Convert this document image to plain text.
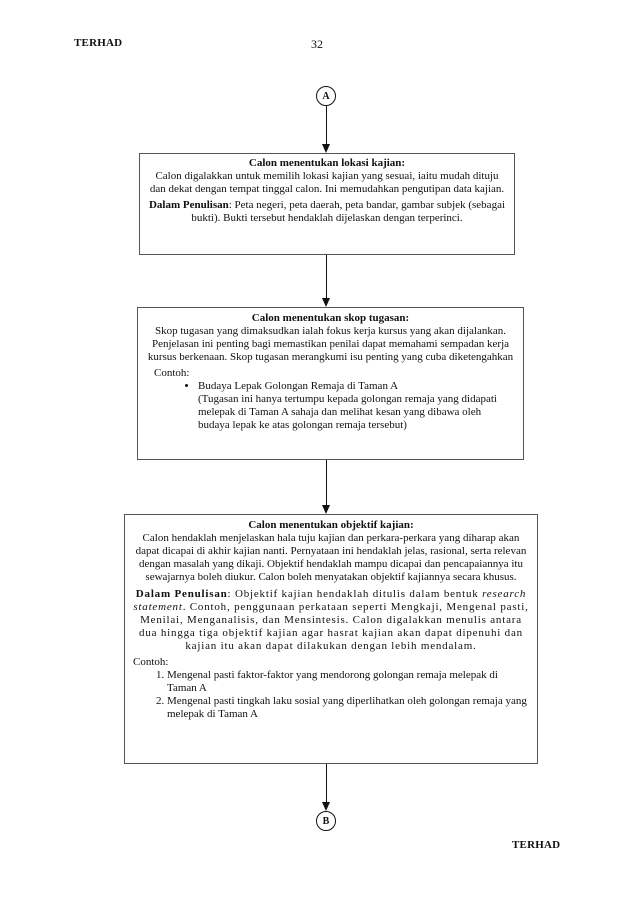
TERHAD	32
A
Calon menentukan lokasi kajian:
Calon digalakkan untuk memilih lokasi kajian yang sesuai, iaitu mudah dituju dan dekat dengan tempat tinggal calon. Ini memudahkan pengutipan data kajian.
Dalam Penulisan: Peta negeri, peta daerah, peta bandar, gambar subjek (sebagai bukti). Bukti tersebut hendaklah dijelaskan dengan terperinci.
Calon menentukan skop tugasan:
Skop tugasan yang dimaksudkan ialah fokus kerja kursus yang akan dijalankan. Penjelasan ini penting bagi memastikan penilai dapat memahami sempadan kerja kursus berkenaan. Skop tugasan merangkumi isu penting yang cuba diketengahkan
Contoh:
• Budaya Lepak Golongan Remaja di Taman A
(Tugasan ini hanya tertumpu kepada golongan remaja yang didapati melepak di Taman A sahaja dan melihat kesan yang dibawa oleh budaya lepak ke atas golongan remaja tersebut)
Calon menentukan objektif kajian:
Calon hendaklah menjelaskan hala tuju kajian dan perkara-perkara yang diharap akan dapat dicapai di akhir kajian nanti. Pernyataan ini hendaklah jelas, rasional, serta relevan dengan masalah yang dikaji. Objektif hendaklah mampu dicapai dan pencapaiannya itu sewajarnya boleh diukur. Calon boleh menyatakan objektif kajiannya secara khusus.
Dalam Penulisan: Objektif kajian hendaklah ditulis dalam bentuk research statement. Contoh, penggunaan perkataan seperti Mengkaji, Mengenal pasti, Menilai, Menganalisis, dan Mensintesis. Calon digalakkan menulis antara dua hingga tiga objektif kajian agar hasrat kajian akan dapat dipenuhi dan kajian itu akan dapat dilakukan dengan lebih mendalam.
Contoh:
1. Mengenal pasti faktor-faktor yang mendorong golongan remaja melepak di Taman A
2. Mengenal pasti tingkah laku sosial yang diperlihatkan oleh golongan remaja yang melepak di Taman A
B
TERHAD
